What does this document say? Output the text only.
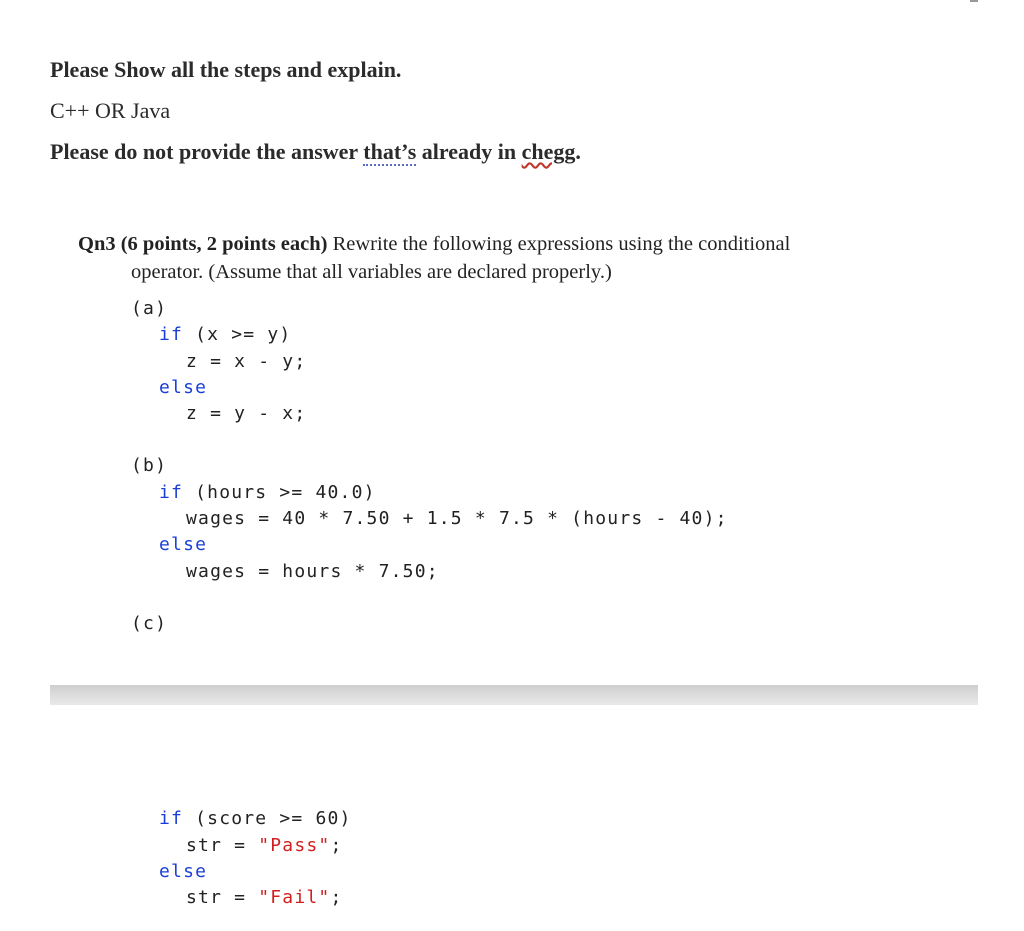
Please Show all the steps and explain.
C++ OR Java
Please do not provide the answer that’s already in chegg.
Qn3 (6 points, 2 points each) Rewrite the following expressions using the conditional
operator. (Assume that all variables are declared properly.)
(a)
if (x >= y)
z = x - y;
else
z = y - x;
(b)
if (hours >= 40.0)
wages = 40 * 7.50 + 1.5 * 7.5 * (hours - 40);
else
wages = hours * 7.50;
(c)
if (score >= 60)
str = "Pass";
else
str = "Fail";
